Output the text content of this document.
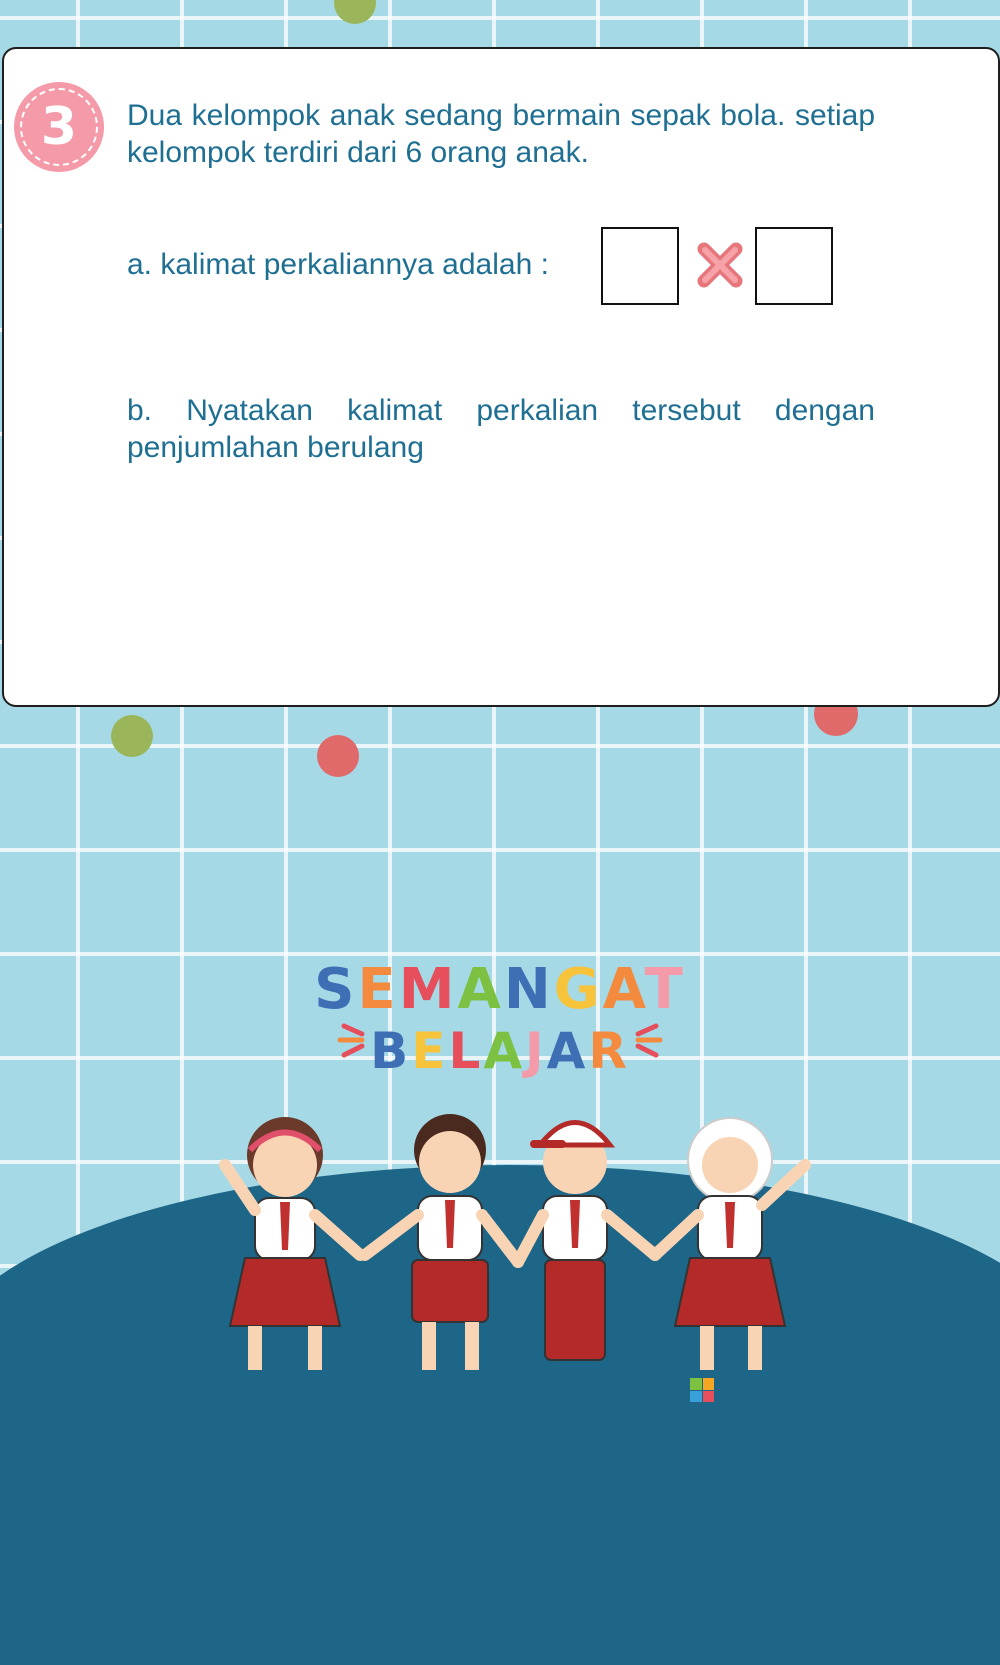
3	Dua kelompok anak sedang bermain sepak bola. setiap kelompok terdiri dari 6 orang anak.
a. kalimat perkaliannya adalah :
b. Nyatakan kalimat perkalian tersebut dengan penjumlahan berulang
SEMANGAT
BELAJAR
LIVEWORKSHEETS
